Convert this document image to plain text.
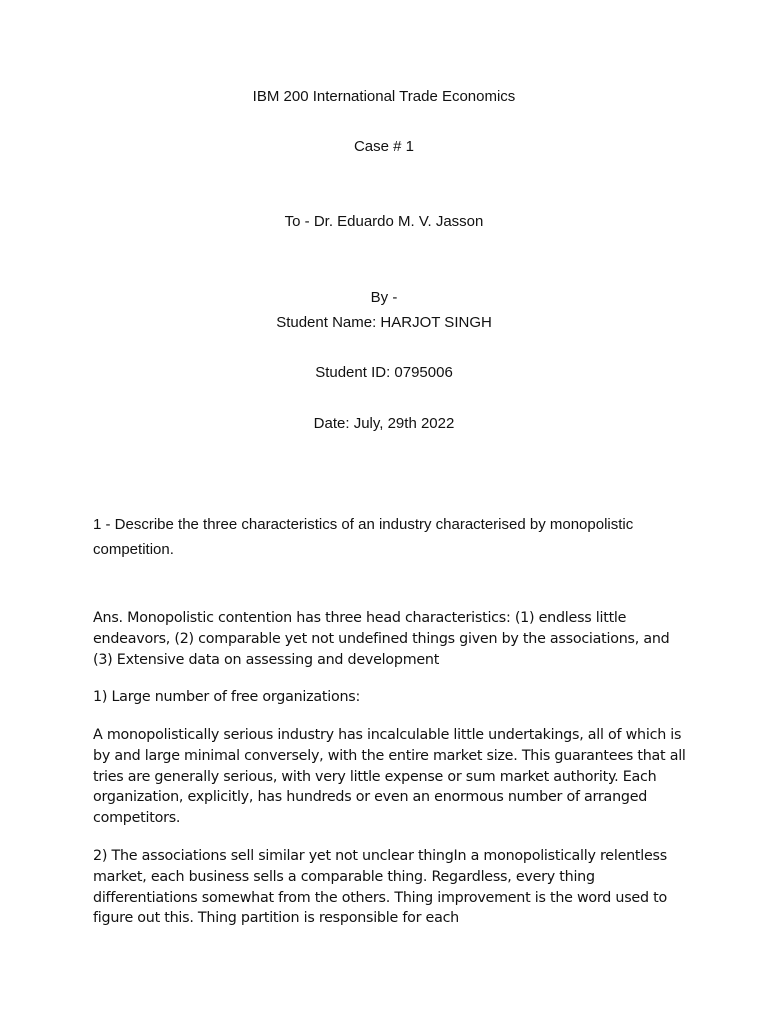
IBM 200 International Trade Economics
Case # 1
To - Dr. Eduardo M. V. Jasson
By -
Student Name: HARJOT SINGH
Student ID: 0795006
Date: July, 29th 2022
1 - Describe the three characteristics of an industry characterised by monopolistic competition.
Ans. Monopolistic contention has three head characteristics: (1) endless little endeavors, (2) comparable yet not undefined things given by the associations, and (3) Extensive data on assessing and development
1) Large number of free organizations:
A monopolistically serious industry has incalculable little undertakings, all of which is by and large minimal conversely, with the entire market size. This guarantees that all tries are generally serious, with very little expense or sum market authority. Each organization, explicitly, has hundreds or even an enormous number of arranged competitors.
2) The associations sell similar yet not unclear thingIn a monopolistically relentless market, each business sells a comparable thing. Regardless, every thing differentiations somewhat from the others. Thing improvement is the word used to figure out this. Thing partition is responsible for each
